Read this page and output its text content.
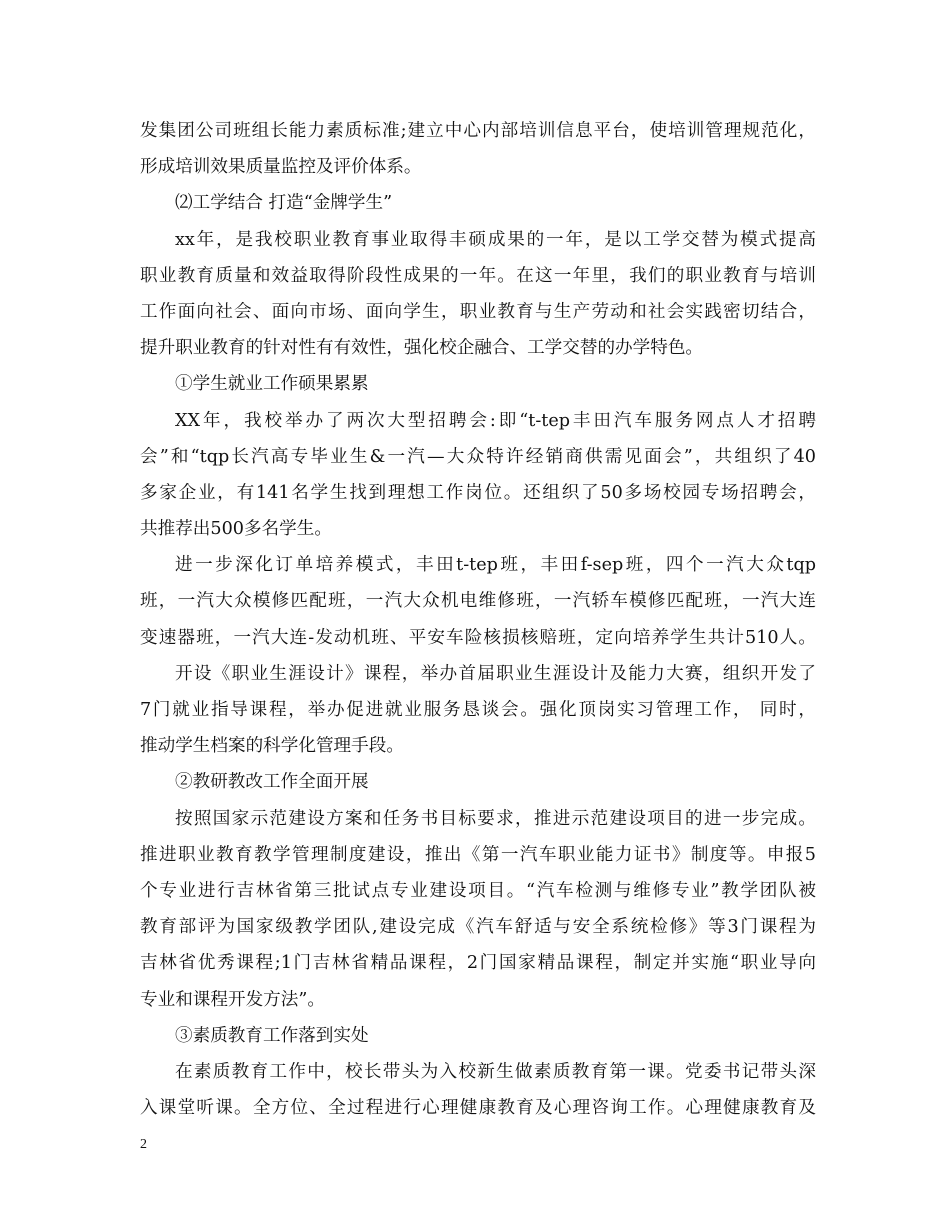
发集团公司班组长能力素质标准;建立中心内部培训信息平台，使培训管理规范化，
形成培训效果质量监控及评价体系。
⑵工学结合 打造“金牌学生”
xx年，是我校职业教育事业取得丰硕成果的一年，是以工学交替为模式提高
职业教育质量和效益取得阶段性成果的一年。在这一年里，我们的职业教育与培训
工作面向社会、面向市场、面向学生，职业教育与生产劳动和社会实践密切结合，
提升职业教育的针对性有有效性，强化校企融合、工学交替的办学特色。
①学生就业工作硕果累累
XX年，我校举办了两次大型招聘会:即“t-tep丰田汽车服务网点人才招聘
会”和“tqp长汽高专毕业生&一汽—大众特许经销商供需见面会”，共组织了40
多家企业，有141名学生找到理想工作岗位。还组织了50多场校园专场招聘会，
共推荐出500多名学生。
进一步深化订单培养模式，丰田t-tep班，丰田f-sep班，四个一汽大众tqp
班，一汽大众模修匹配班，一汽大众机电维修班，一汽轿车模修匹配班，一汽大连
变速器班，一汽大连-发动机班、平安车险核损核赔班，定向培养学生共计510人。
开设《职业生涯设计》课程，举办首届职业生涯设计及能力大赛，组织开发了
7门就业指导课程，举办促进就业服务恳谈会。强化顶岗实习管理工作， 同时，
推动学生档案的科学化管理手段。
②教研教改工作全面开展
按照国家示范建设方案和任务书目标要求，推进示范建设项目的进一步完成。
推进职业教育教学管理制度建设，推出《第一汽车职业能力证书》制度等。申报5
个专业进行吉林省第三批试点专业建设项目。“汽车检测与维修专业”教学团队被
教育部评为国家级教学团队,建设完成《汽车舒适与安全系统检修》等3门课程为
吉林省优秀课程;1门吉林省精品课程，2门国家精品课程，制定并实施“职业导向
专业和课程开发方法”。
③素质教育工作落到实处
在素质教育工作中，校长带头为入校新生做素质教育第一课。党委书记带头深
入课堂听课。全方位、全过程进行心理健康教育及心理咨询工作。心理健康教育及
2
